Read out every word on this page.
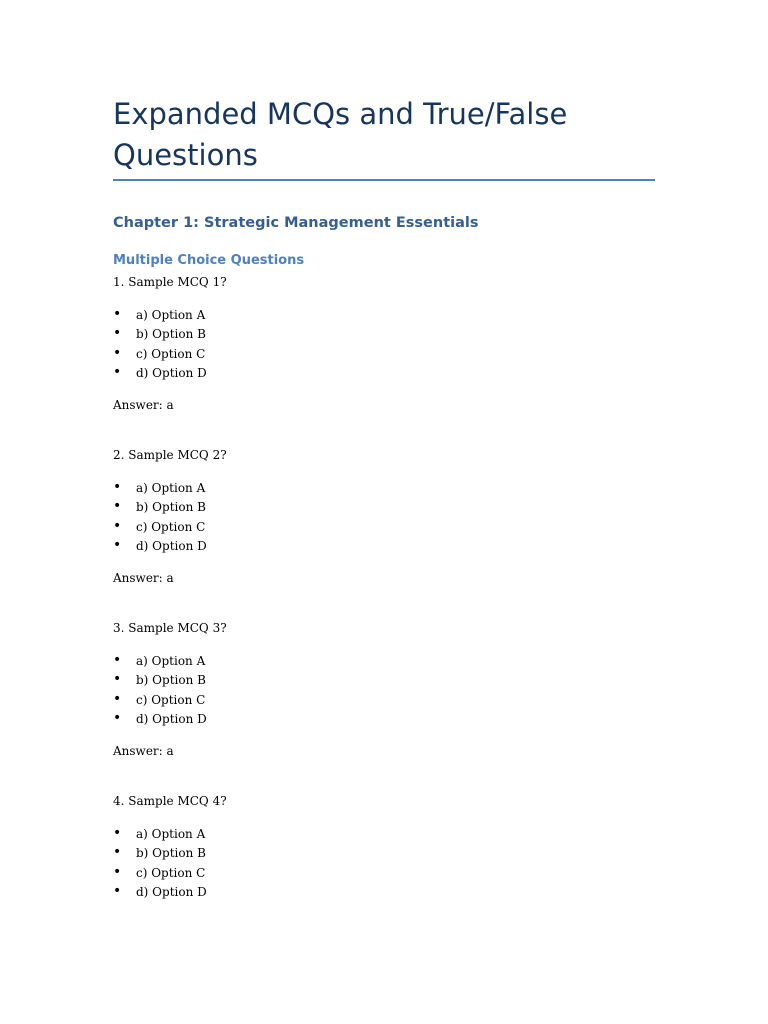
Expanded MCQs and True/False Questions
Chapter 1: Strategic Management Essentials
Multiple Choice Questions

1. Sample MCQ 1?

• a) Option A
• b) Option B
• c) Option C
• d) Option D

Answer: a

2. Sample MCQ 2?

• a) Option A
• b) Option B
• c) Option C
• d) Option D

Answer: a

3. Sample MCQ 3?

• a) Option A
• b) Option B
• c) Option C
• d) Option D

Answer: a

4. Sample MCQ 4?

• a) Option A
• b) Option B
• c) Option C
• d) Option D
